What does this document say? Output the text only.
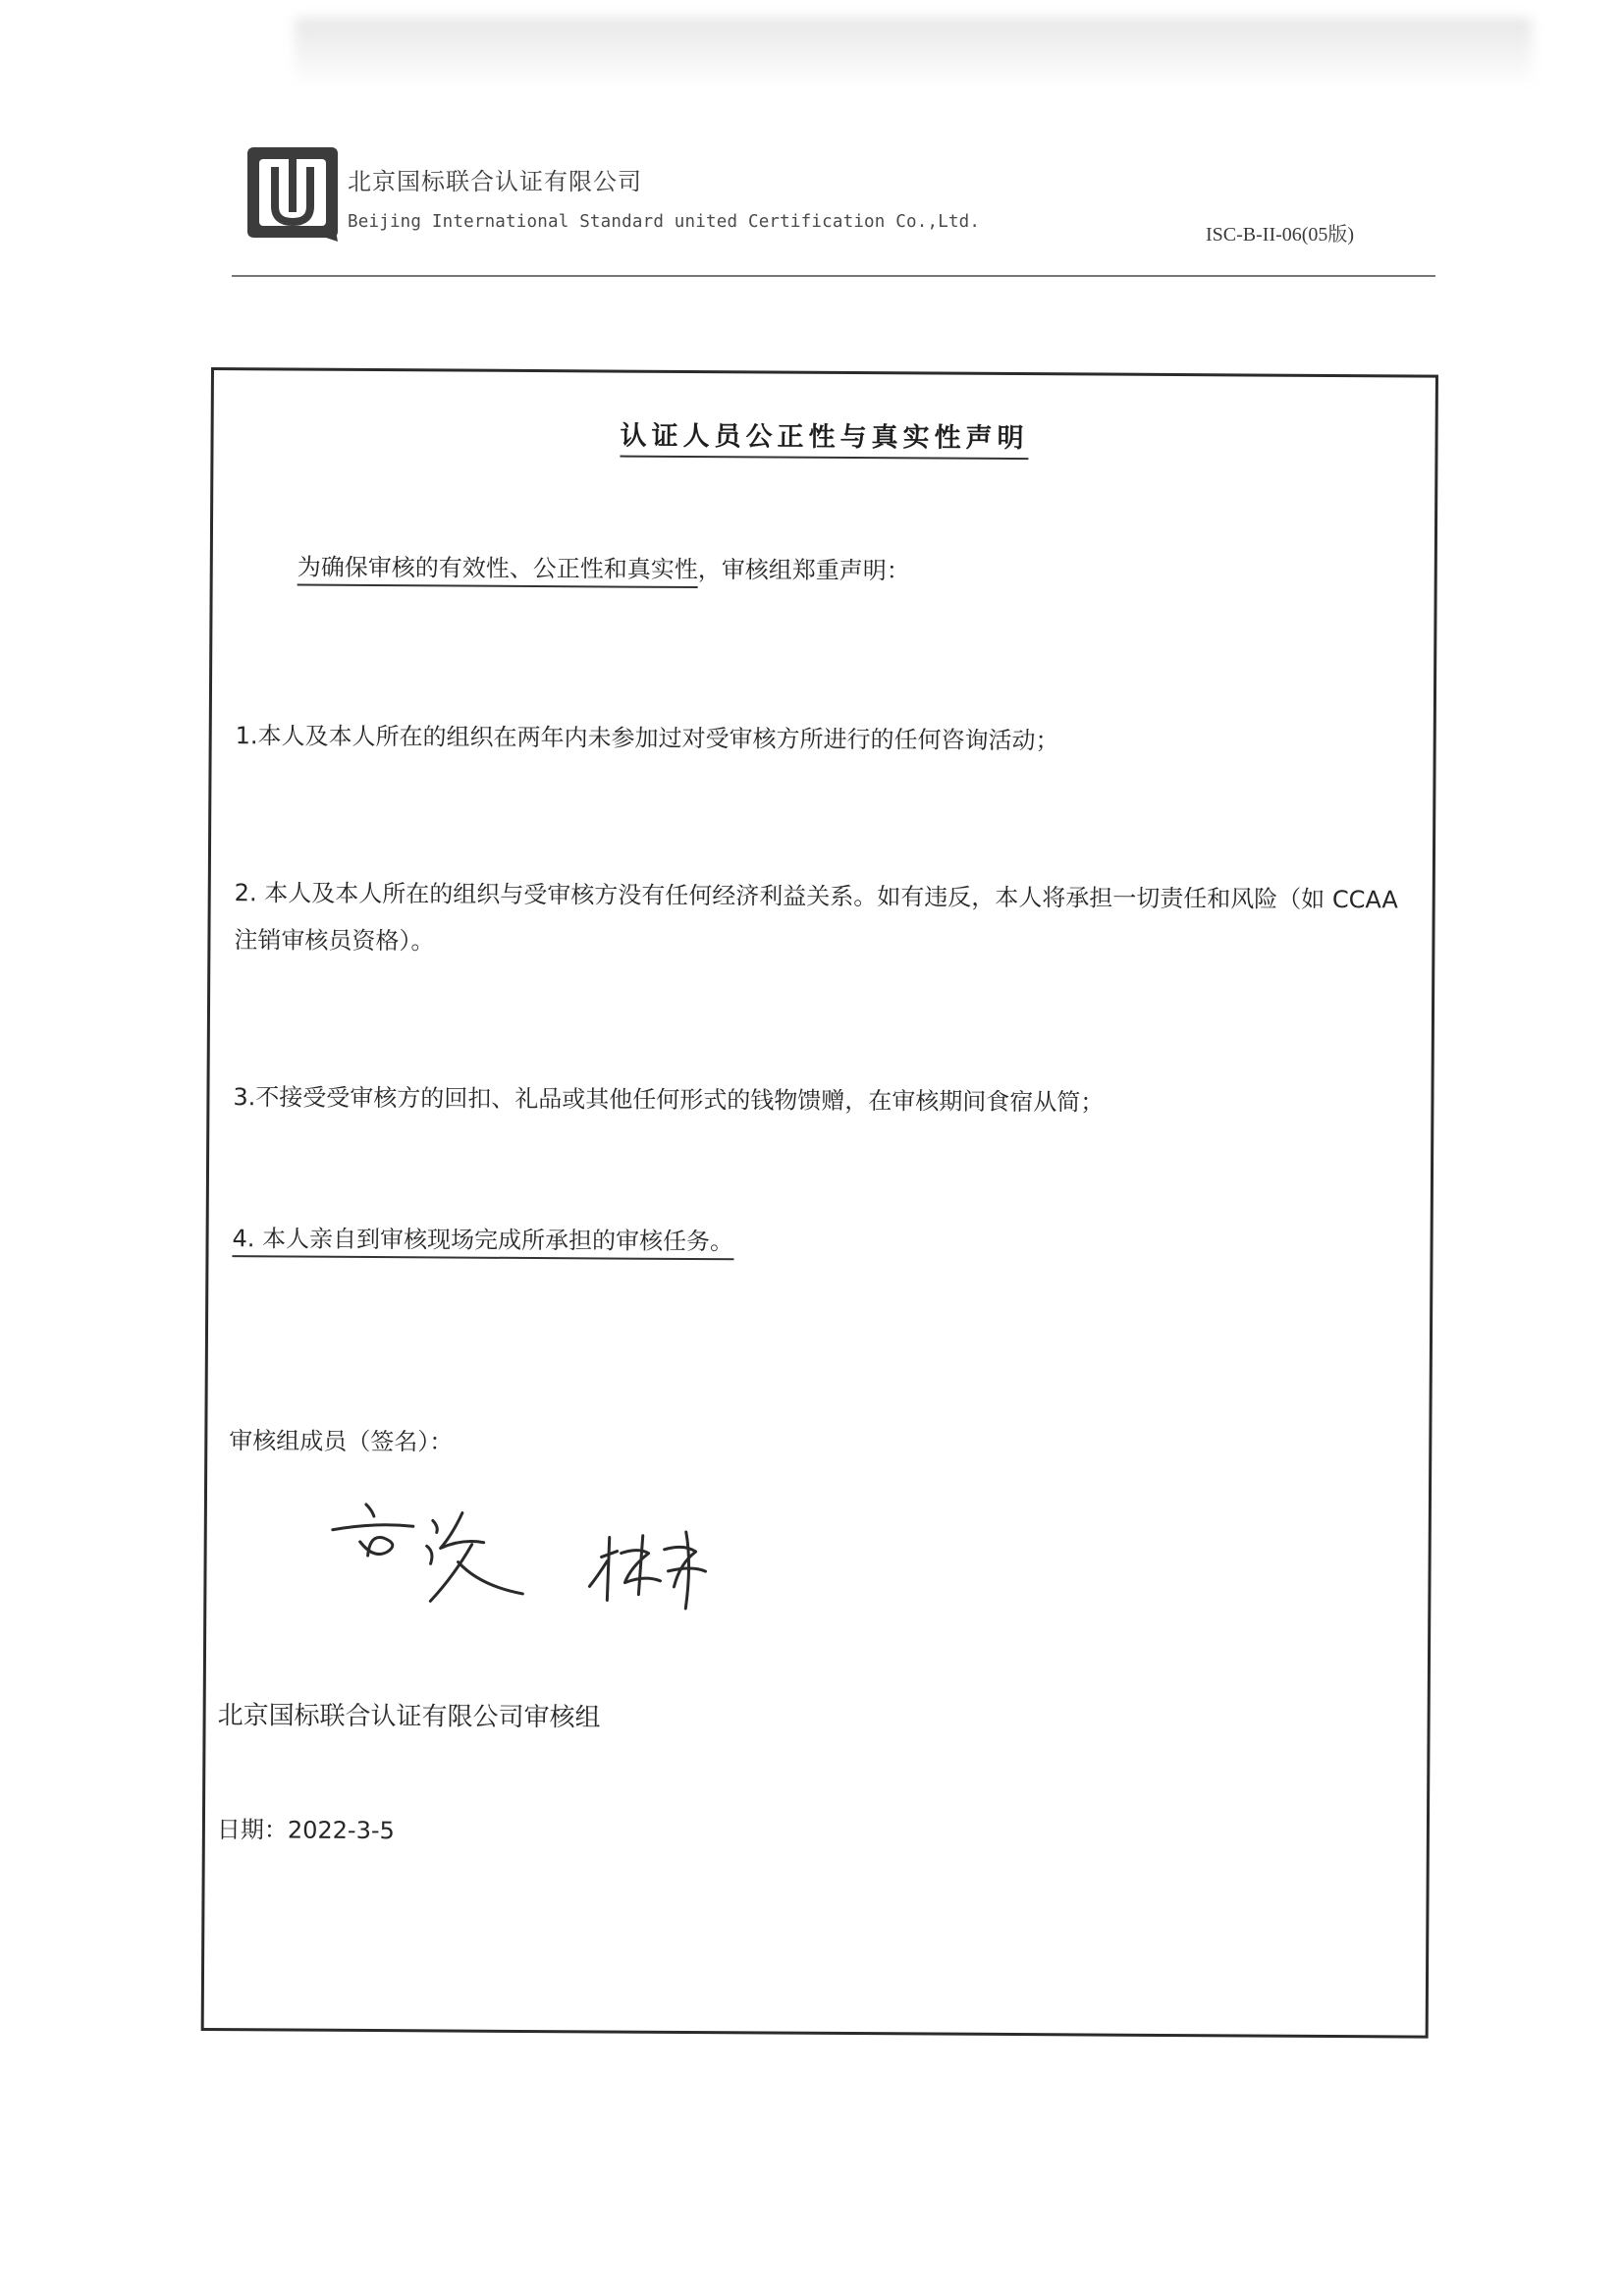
北京国标联合认证有限公司
Beijing International Standard united Certification Co.,Ltd.
ISC-B-II-06(05版)
认证人员公正性与真实性声明
为确保审核的有效性、公正性和真实性，审核组郑重声明：
1.本人及本人所在的组织在两年内未参加过对受审核方所进行的任何咨询活动；
2. 本人及本人所在的组织与受审核方没有任何经济利益关系。如有违反，本人将承担一切责任和风险（如 CCAA 注销审核员资格）。
3.不接受受审核方的回扣、礼品或其他任何形式的钱物馈赠，在审核期间食宿从简；
4. 本人亲自到审核现场完成所承担的审核任务。
审核组成员（签名）：
北京国标联合认证有限公司审核组
日期：2022-3-5
